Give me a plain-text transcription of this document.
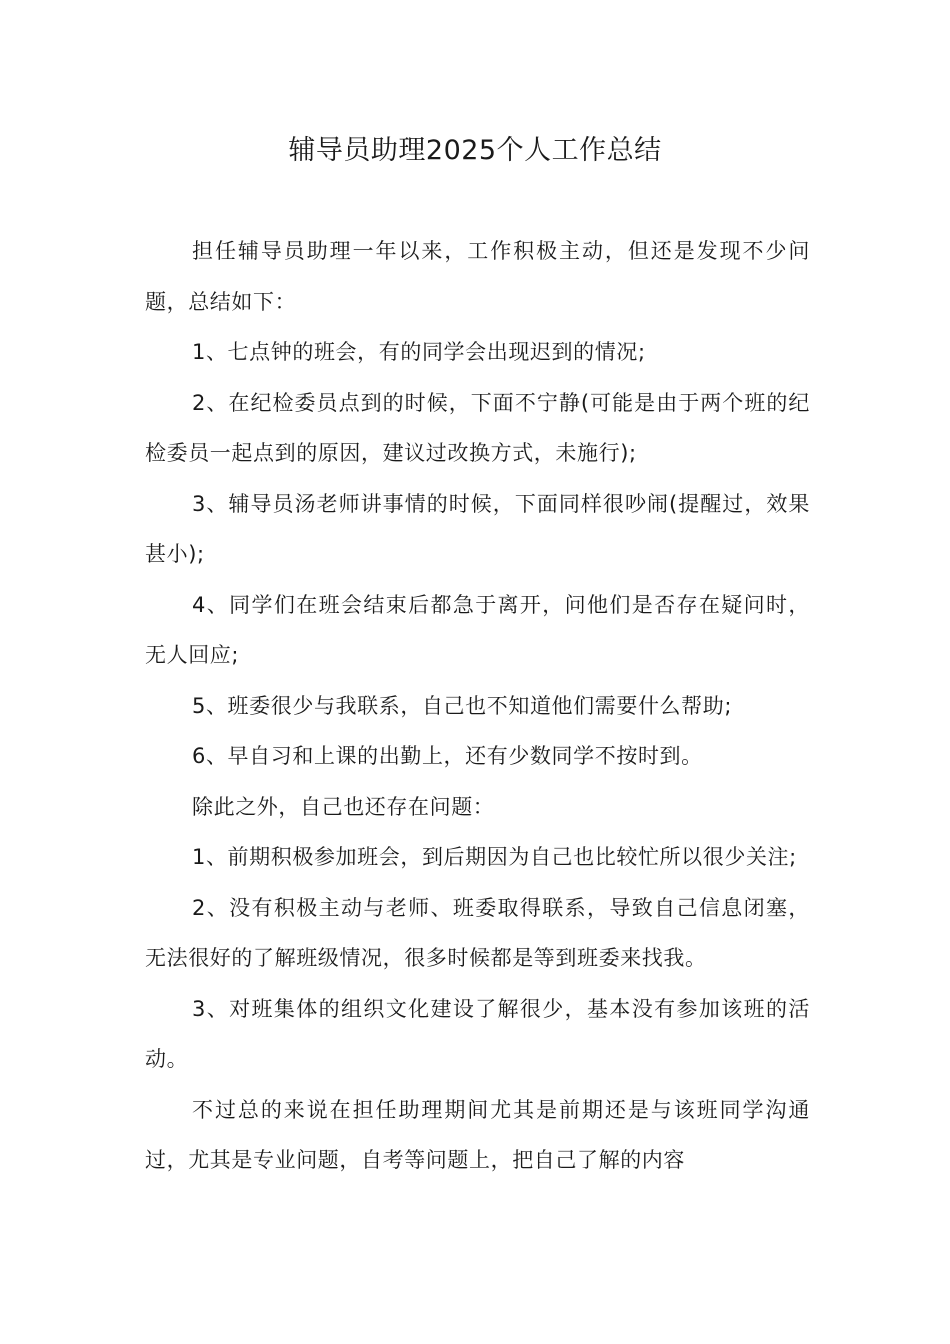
辅导员助理2025个人工作总结

担任辅导员助理一年以来，工作积极主动，但还是发现不少问题，总结如下：

1、七点钟的班会，有的同学会出现迟到的情况;

2、在纪检委员点到的时候，下面不宁静(可能是由于两个班的纪检委员一起点到的原因，建议过改换方式，未施行);

3、辅导员汤老师讲事情的时候，下面同样很吵闹(提醒过，效果甚小);

4、同学们在班会结束后都急于离开，问他们是否存在疑问时，无人回应;

5、班委很少与我联系，自己也不知道他们需要什么帮助;

6、早自习和上课的出勤上，还有少数同学不按时到。

除此之外，自己也还存在问题：

1、前期积极参加班会，到后期因为自己也比较忙所以很少关注;

2、没有积极主动与老师、班委取得联系，导致自己信息闭塞，无法很好的了解班级情况，很多时候都是等到班委来找我。

3、对班集体的组织文化建设了解很少，基本没有参加该班的活动。

不过总的来说在担任助理期间尤其是前期还是与该班同学沟通过，尤其是专业问题，自考等问题上，把自己了解的内容
